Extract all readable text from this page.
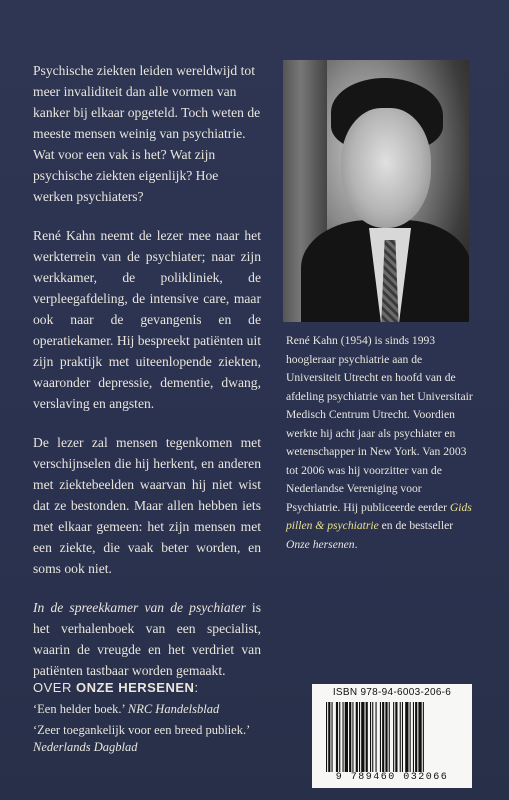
Psychische ziekten leiden wereldwijd tot meer invaliditeit dan alle vormen van kanker bij elkaar opgeteld. Toch weten de meeste mensen weinig van psychiatrie. Wat voor een vak is het? Wat zijn psychische ziekten eigenlijk? Hoe werken psychiaters?

René Kahn neemt de lezer mee naar het werkterrein van de psychiater; naar zijn werkkamer, de polikliniek, de verpleegafdeling, de intensive care, maar ook naar de gevangenis en de operatiekamer. Hij bespreekt patiënten uit zijn praktijk met uiteenlopende ziekten, waaronder depressie, dementie, dwang, verslaving en angsten.

De lezer zal mensen tegenkomen met verschijnselen die hij herkent, en anderen met ziektebeelden waarvan hij niet wist dat ze bestonden. Maar allen hebben iets met elkaar gemeen: het zijn mensen met een ziekte, die vaak beter worden, en soms ook niet.

In de spreekkamer van de psychiater is het verhalenboek van een specialist, waarin de vreugde en het verdriet van patiënten tastbaar worden gemaakt.

René Kahn (1954) is sinds 1993 hoogleraar psychiatrie aan de Universiteit Utrecht en hoofd van de afdeling psychiatrie van het Universitair Medisch Centrum Utrecht. Voordien werkte hij acht jaar als psychiater en wetenschapper in New York. Van 2003 tot 2006 was hij voorzitter van de Nederlandse Vereniging voor Psychiatrie. Hij publiceerde eerder Gids pillen & psychiatrie en de bestseller Onze hersenen.

OVER ONZE HERSENEN:

‘Een helder boek.’ NRC Handelsblad

‘Zeer toegankelijk voor een breed publiek.’

Nederlands Dagblad

ISBN 978-94-6003-206-6
9 789460 032066
